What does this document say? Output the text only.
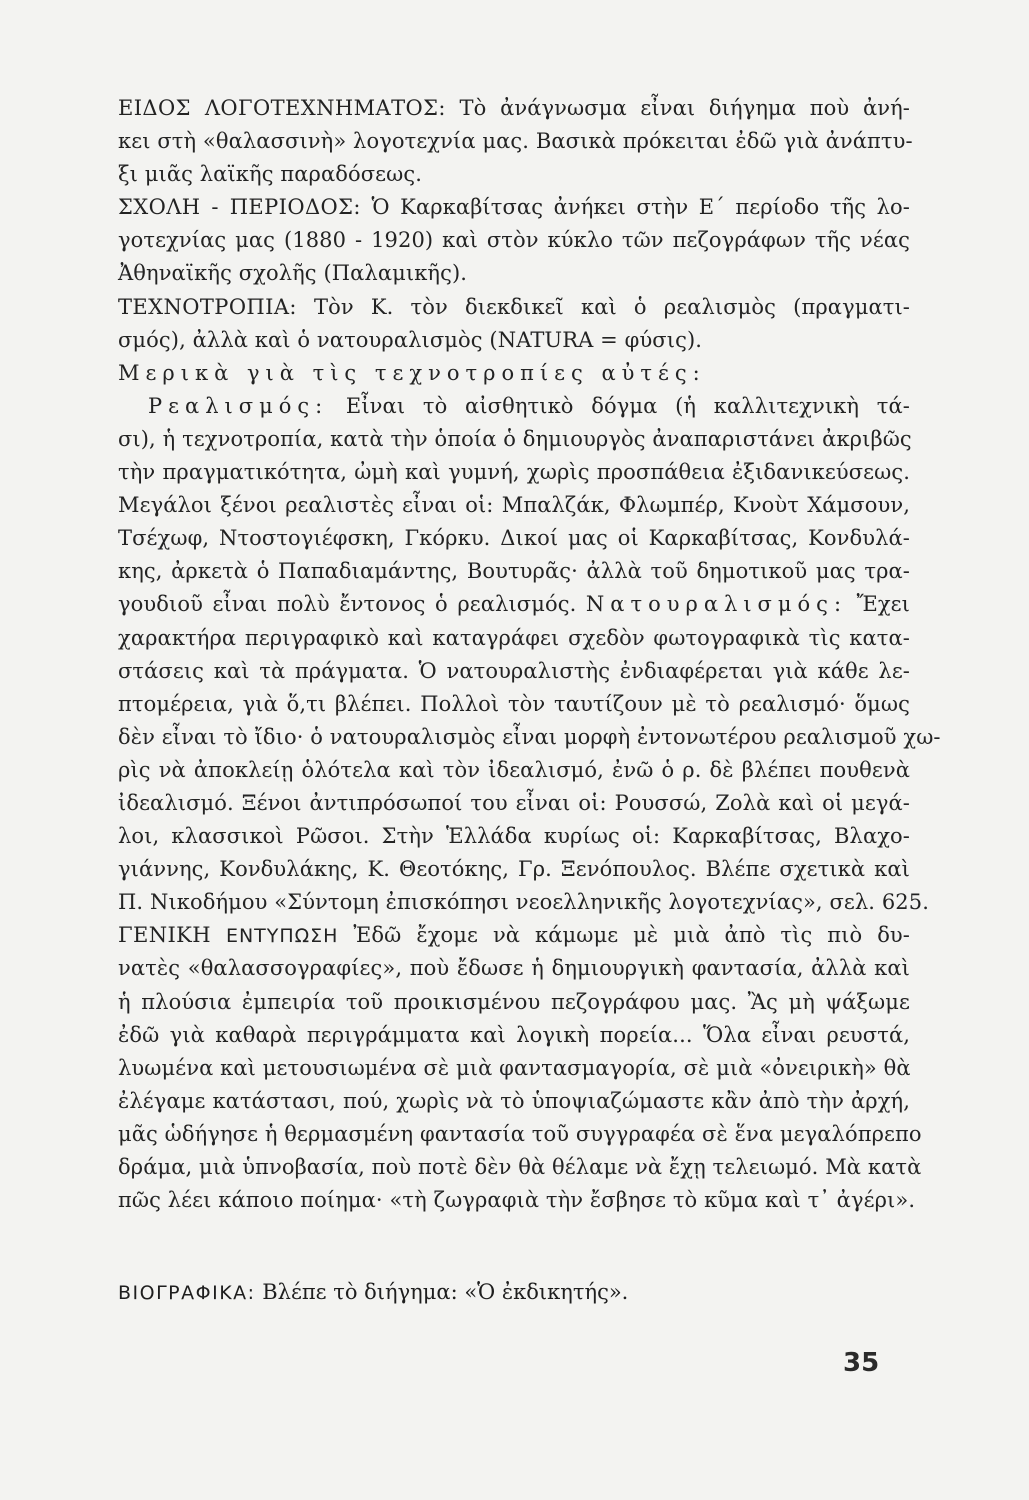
ΕΙΔΟΣ ΛΟΓΟΤΕΧΝΗΜΑΤΟΣ: Τὸ ἀνάγνωσμα εἶναι διήγημα ποὺ ἀνή-
κει στὴ «θαλασσινὴ» λογοτεχνία μας. Βασικὰ πρόκειται ἐδῶ γιὰ ἀνάπτυ-
ξι μιᾶς λαϊκῆς παραδόσεως.
ΣΧΟΛΗ - ΠΕΡΙΟΔΟΣ: Ὁ Καρκαβίτσας ἀνήκει στὴν Ε΄ περίοδο τῆς λο-
γοτεχνίας μας (1880 - 1920) καὶ στὸν κύκλο τῶν πεζογράφων τῆς νέας
Ἀθηναϊκῆς σχολῆς (Παλαμικῆς).
ΤΕΧΝΟΤΡΟΠΙΑ: Τὸν Κ. τὸν διεκδικεῖ καὶ ὁ ρεαλισμὸς (πραγματι-
σμός), ἀλλὰ καὶ ὁ νατουραλισμὸς (NATURA = φύσις).
Μερικὰ γιὰ τὶς τεχνοτροπίες αὐτές:
Ρεαλισμός: Εἶναι τὸ αἰσθητικὸ δόγμα (ἡ καλλιτεχνικὴ τά-
σι), ἡ τεχνοτροπία, κατὰ τὴν ὁποία ὁ δημιουργὸς ἀναπαριστάνει ἀκριβῶς
τὴν πραγματικότητα, ὠμὴ καὶ γυμνή, χωρὶς προσπάθεια ἐξιδανικεύσεως.
Μεγάλοι ξένοι ρεαλιστὲς εἶναι οἱ: Μπαλζάκ, Φλωμπέρ, Κνοὺτ Χάμσουν,
Τσέχωφ, Ντοστογιέφσκη, Γκόρκυ. Δικοί μας οἱ Καρκαβίτσας, Κονδυλά-
κης, ἀρκετὰ ὁ Παπαδιαμάντης, Βουτυρᾶς· ἀλλὰ τοῦ δημοτικοῦ μας τρα-
γουδιοῦ εἶναι πολὺ ἔντονος ὁ ρεαλισμός. Νατουραλισμός: Ἔχει
χαρακτήρα περιγραφικὸ καὶ καταγράφει σχεδὸν φωτογραφικὰ τὶς κατα-
στάσεις καὶ τὰ πράγματα. Ὁ νατουραλιστὴς ἐνδιαφέρεται γιὰ κάθε λε-
πτομέρεια, γιὰ ὅ,τι βλέπει. Πολλοὶ τὸν ταυτίζουν μὲ τὸ ρεαλισμό· ὅμως
δὲν εἶναι τὸ ἴδιο· ὁ νατουραλισμὸς εἶναι μορφὴ ἐντονωτέρου ρεαλισμοῦ χω-
ρὶς νὰ ἀποκλείῃ ὁλότελα καὶ τὸν ἰδεαλισμό, ἐνῶ ὁ ρ. δὲ βλέπει πουθενὰ
ἰδεαλισμό. Ξένοι ἀντιπρόσωποί του εἶναι οἱ: Ρουσσώ, Ζολὰ καὶ οἱ μεγά-
λοι, κλασσικοὶ Ρῶσοι. Στὴν Ἑλλάδα κυρίως οἱ: Καρκαβίτσας, Βλαχο-
γιάννης, Κονδυλάκης, Κ. Θεοτόκης, Γρ. Ξενόπουλος. Βλέπε σχετικὰ καὶ
Π. Νικοδήμου «Σύντομη ἐπισκόπησι νεοελληνικῆς λογοτεχνίας», σελ. 625.
ΓΕΝΙΚΗ ΕΝΤΥΠΩΣΗ Ἐδῶ ἔχομε νὰ κάμωμε μὲ μιὰ ἀπὸ τὶς πιὸ δυ-
νατὲς «θαλασσογραφίες», ποὺ ἔδωσε ἡ δημιουργικὴ φαντασία, ἀλλὰ καὶ
ἡ πλούσια ἐμπειρία τοῦ προικισμένου πεζογράφου μας. Ἂς μὴ ψάξωμε
ἐδῶ γιὰ καθαρὰ περιγράμματα καὶ λογικὴ πορεία... Ὅλα εἶναι ρευστά,
λυωμένα καὶ μετουσιωμένα σὲ μιὰ φαντασμαγορία, σὲ μιὰ «ὀνειρικὴ» θὰ
ἐλέγαμε κατάστασι, πού, χωρὶς νὰ τὸ ὑποψιαζώμαστε κἂν ἀπὸ τὴν ἀρχή,
μᾶς ὡδήγησε ἡ θερμασμένη φαντασία τοῦ συγγραφέα σὲ ἕνα μεγαλόπρεπο
δράμα, μιὰ ὑπνοβασία, ποὺ ποτὲ δὲν θὰ θέλαμε νὰ ἔχῃ τελειωμό. Μὰ κατὰ
πῶς λέει κάποιο ποίημα· «τὴ ζωγραφιὰ τὴν ἔσβησε τὸ κῦμα καὶ τ᾿ ἀγέρι».
ΒΙΟΓΡΑΦΙΚΑ: Βλέπε τὸ διήγημα: «Ὁ ἐκδικητής».
35
